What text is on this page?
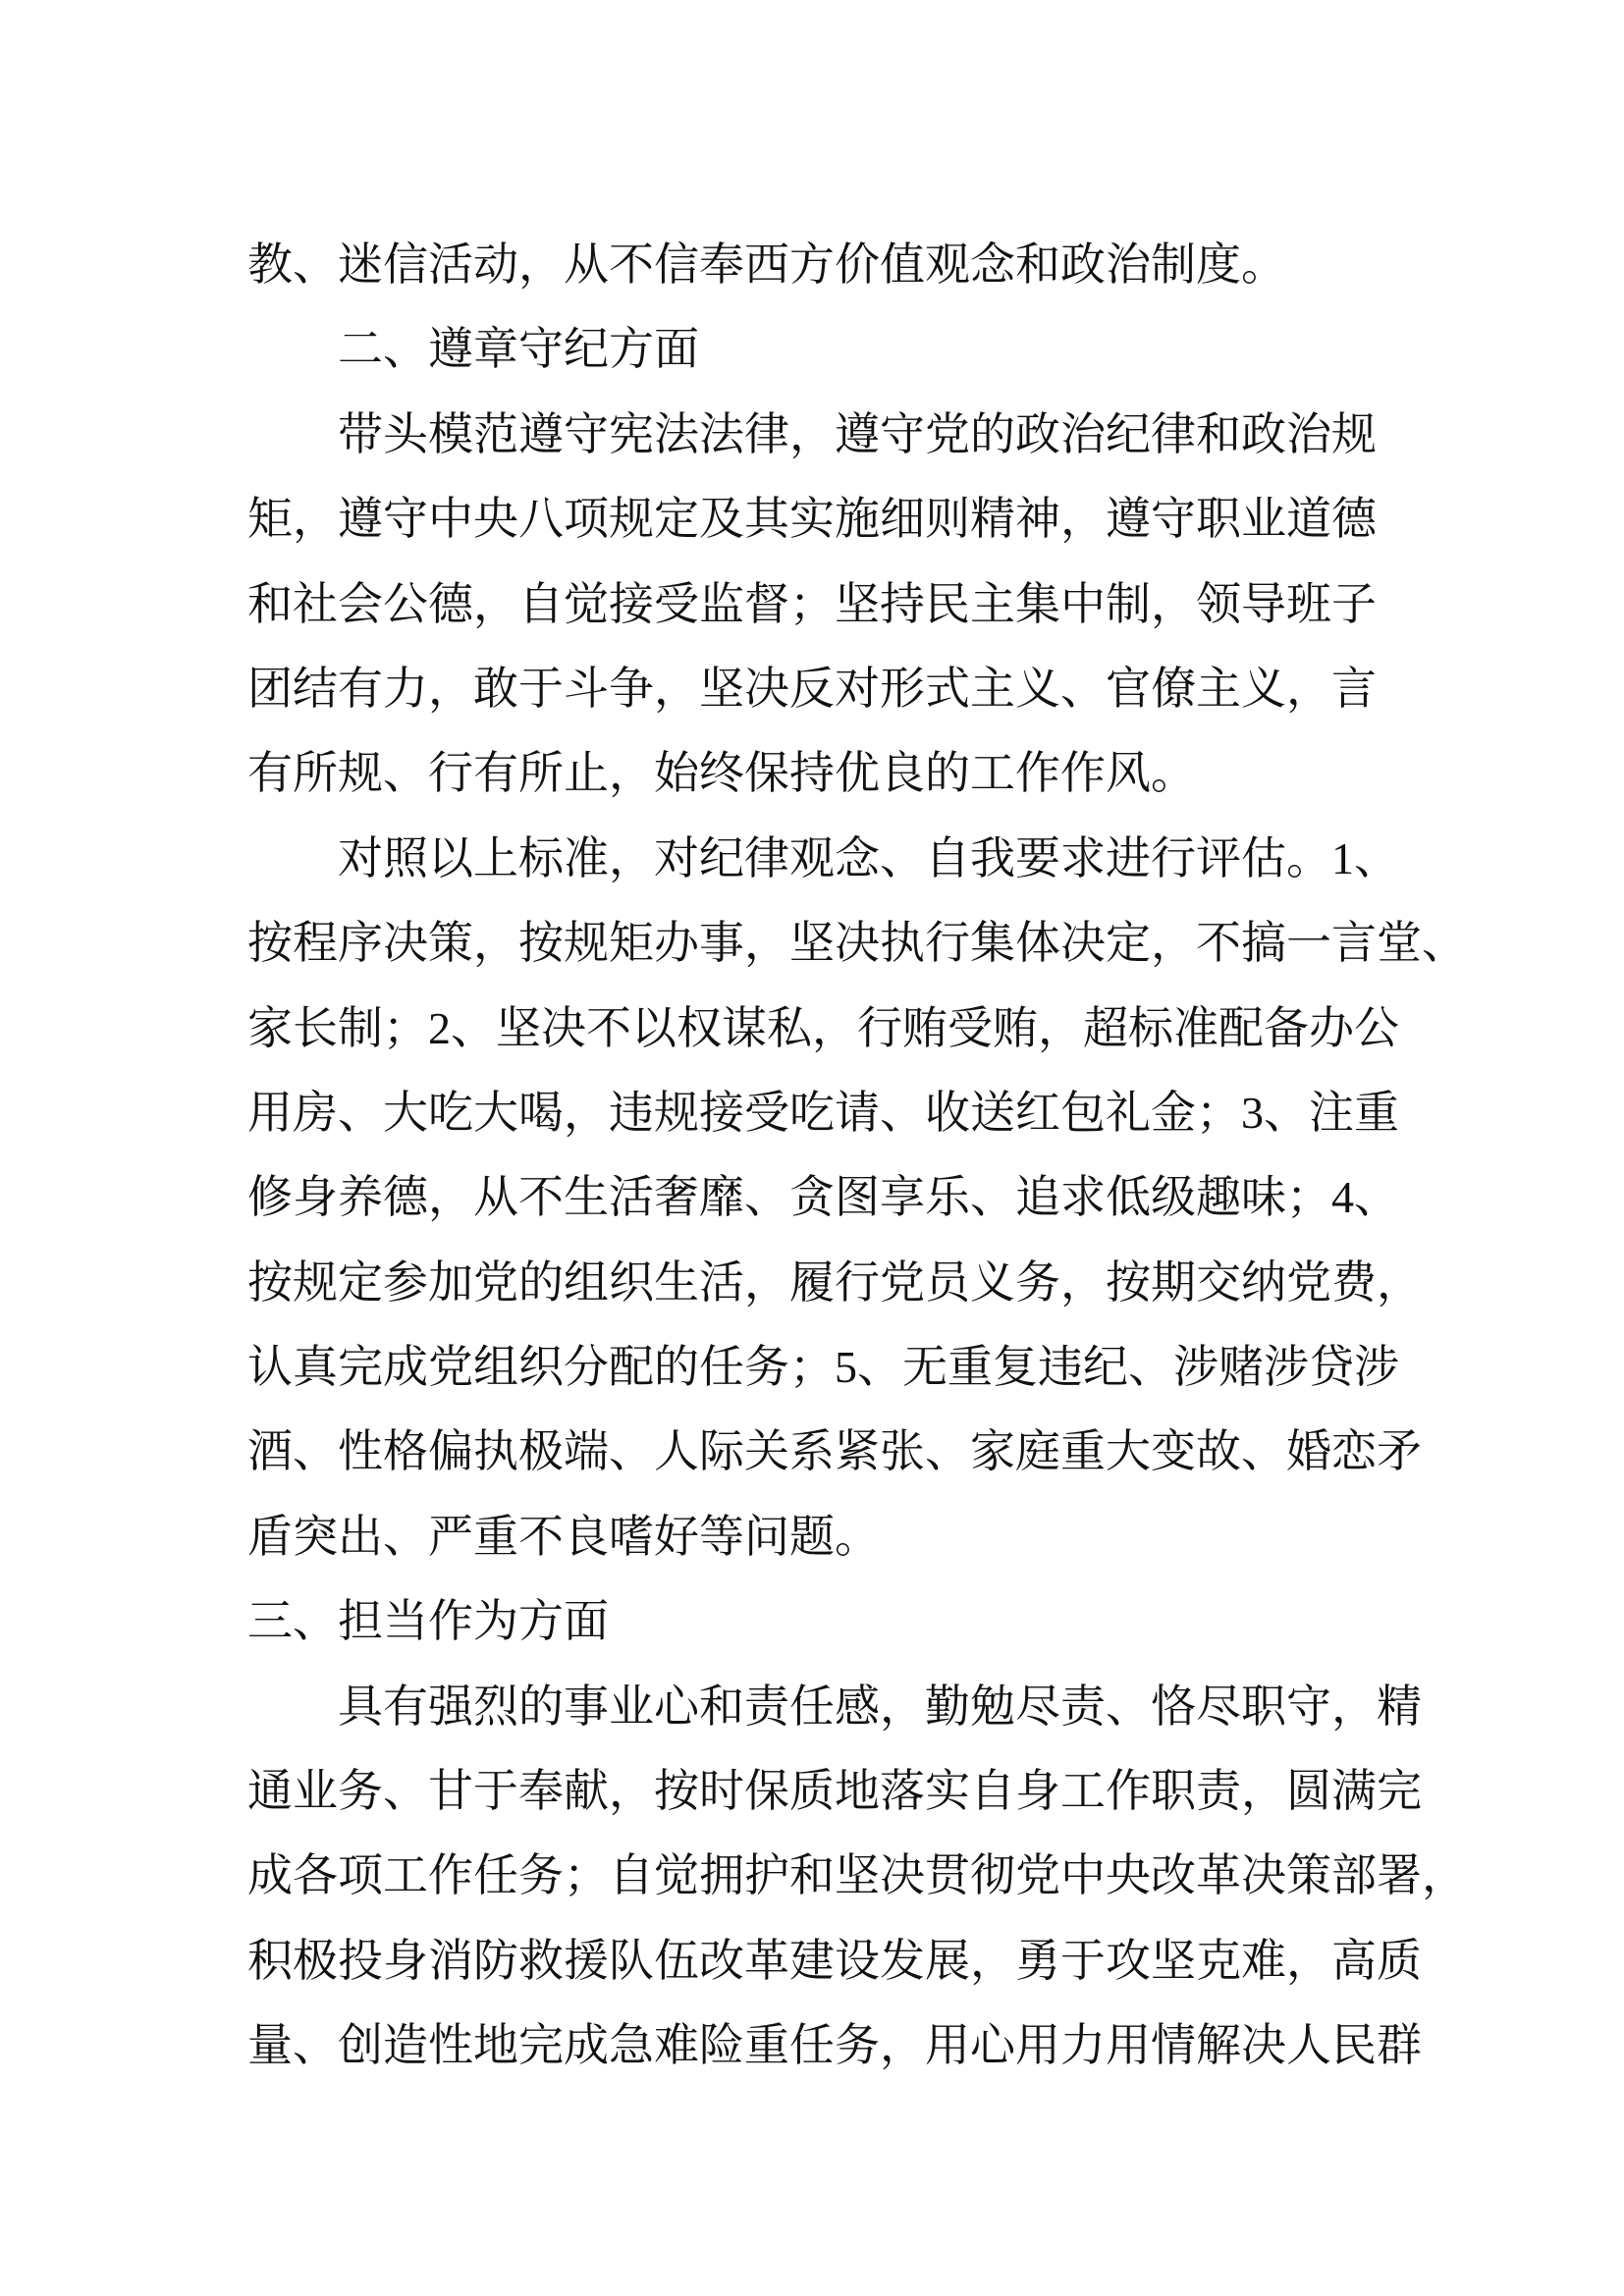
教、迷信活动，从不信奉西方价值观念和政治制度。
二、遵章守纪方面
带头模范遵守宪法法律，遵守党的政治纪律和政治规
矩，遵守中央八项规定及其实施细则精神，遵守职业道德
和社会公德，自觉接受监督；坚持民主集中制，领导班子
团结有力，敢于斗争，坚决反对形式主义、官僚主义，言
有所规、行有所止，始终保持优良的工作作风。
对照以上标准，对纪律观念、自我要求进行评估。1、
按程序决策，按规矩办事，坚决执行集体决定，不搞一言堂、
家长制；2、坚决不以权谋私，行贿受贿，超标准配备办公
用房、大吃大喝，违规接受吃请、收送红包礼金；3、注重
修身养德，从不生活奢靡、贪图享乐、追求低级趣味；4、
按规定参加党的组织生活，履行党员义务，按期交纳党费，
认真完成党组织分配的任务；5、无重复违纪、涉赌涉贷涉
酒、性格偏执极端、人际关系紧张、家庭重大变故、婚恋矛
盾突出、严重不良嗜好等问题。
三、担当作为方面
具有强烈的事业心和责任感，勤勉尽责、恪尽职守，精
通业务、甘于奉献，按时保质地落实自身工作职责，圆满完
成各项工作任务；自觉拥护和坚决贯彻党中央改革决策部署，
积极投身消防救援队伍改革建设发展，勇于攻坚克难，高质
量、创造性地完成急难险重任务，用心用力用情解决人民群
